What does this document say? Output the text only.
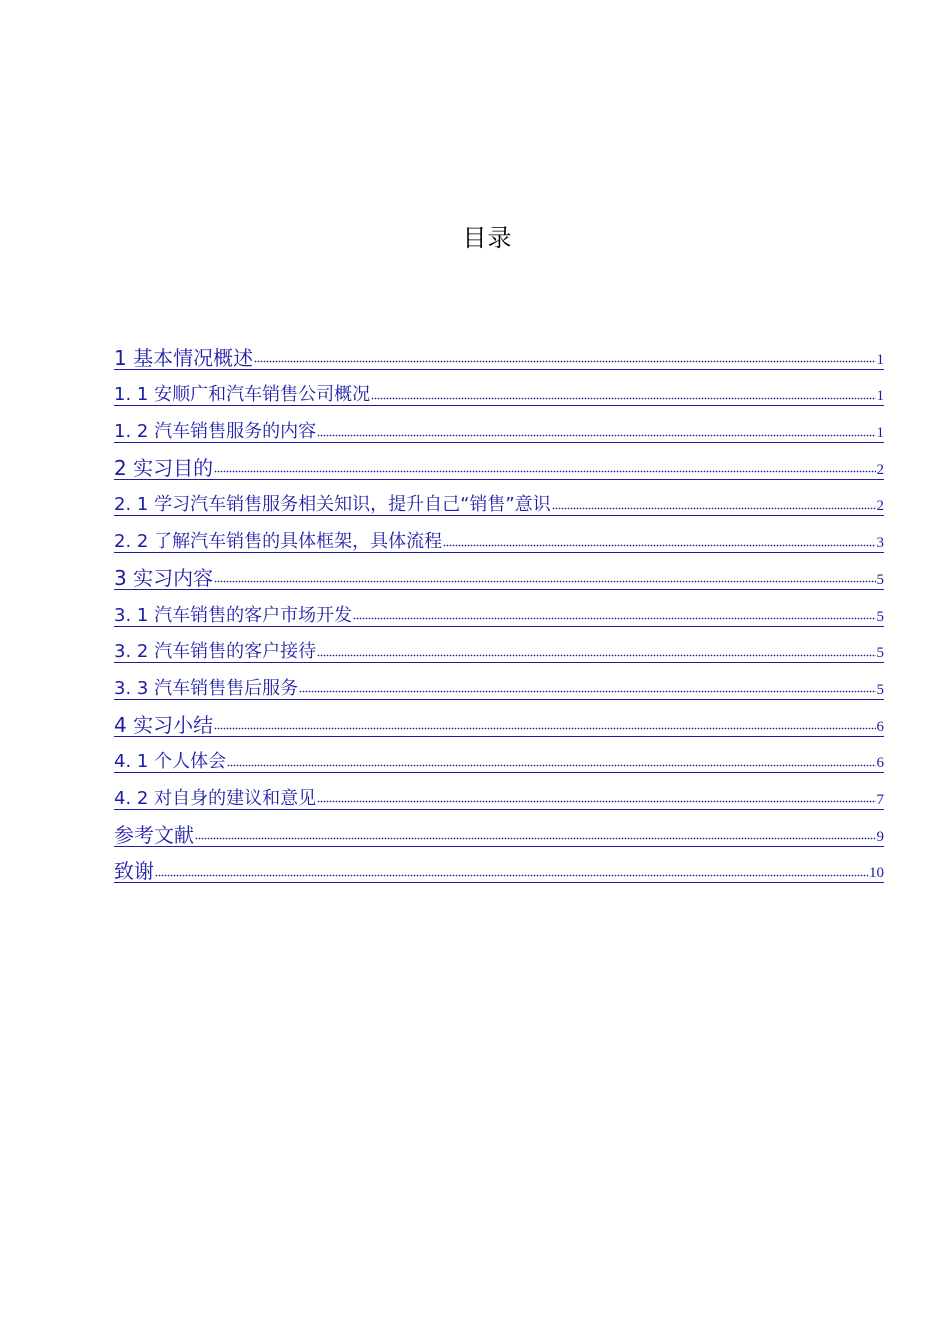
目录
1 基本情况概述	1
1. 1 安顺广和汽车销售公司概况	1
1. 2 汽车销售服务的内容	1
2 实习目的	2
2. 1 学习汽车销售服务相关知识，提升自己“销售”意识	2
2. 2 了解汽车销售的具体框架，具体流程	3
3 实习内容	5
3. 1 汽车销售的客户市场开发	5
3. 2 汽车销售的客户接待	5
3. 3 汽车销售售后服务	5
4 实习小结	6
4. 1 个人体会	6
4. 2 对自身的建议和意见	7
参考文献	9
致谢	10
